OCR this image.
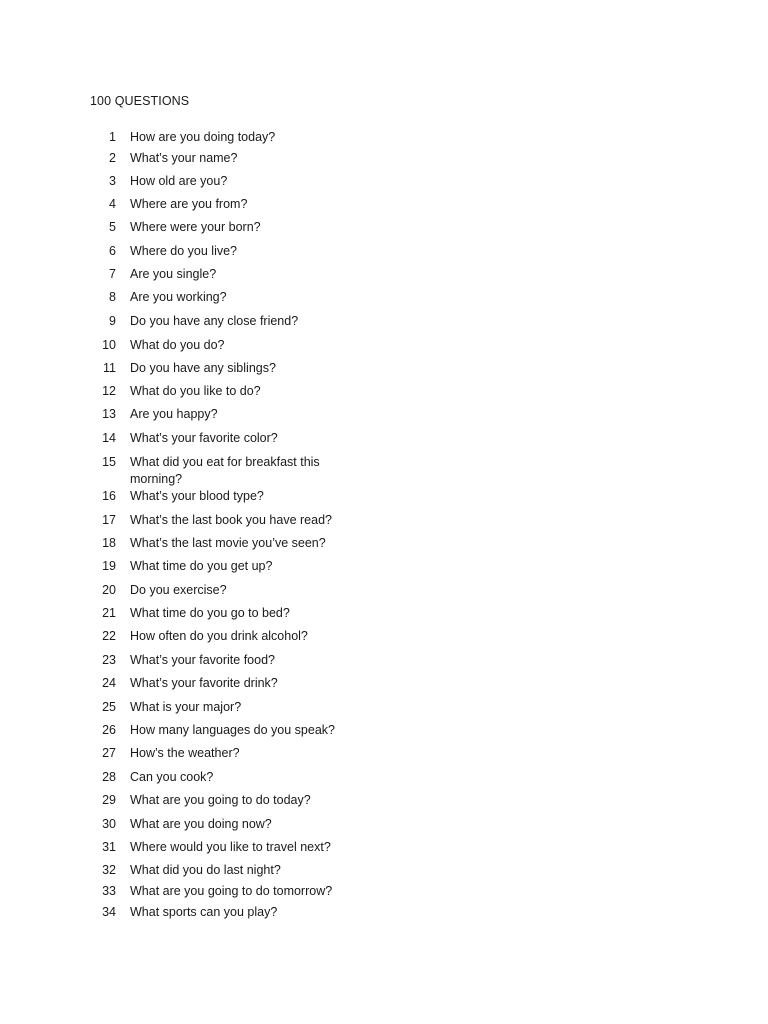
100 QUESTIONS
1 How are you doing today?
2 What’s your name?
3 How old are you?
4 Where are you from?
5 Where were your born?
6 Where do you live?
7 Are you single?
8 Are you working?
9 Do you have any close friend?
10 What do you do?
11 Do you have any siblings?
12 What do you like to do?
13 Are you happy?
14 What’s your favorite color?
15 What did you eat for breakfast this morning?
16 What’s your blood type?
17 What’s the last book you have read?
18 What’s the last movie you’ve seen?
19 What time do you get up?
20 Do you exercise?
21 What time do you go to bed?
22 How often do you drink alcohol?
23 What’s your favorite food?
24 What’s your favorite drink?
25 What is your major?
26 How many languages do you speak?
27 How’s the weather?
28 Can you cook?
29 What are you going to do today?
30 What are you doing now?
31 Where would you like to travel next?
32 What did you do last night?
33 What are you going to do tomorrow?
34 What sports can you play?
